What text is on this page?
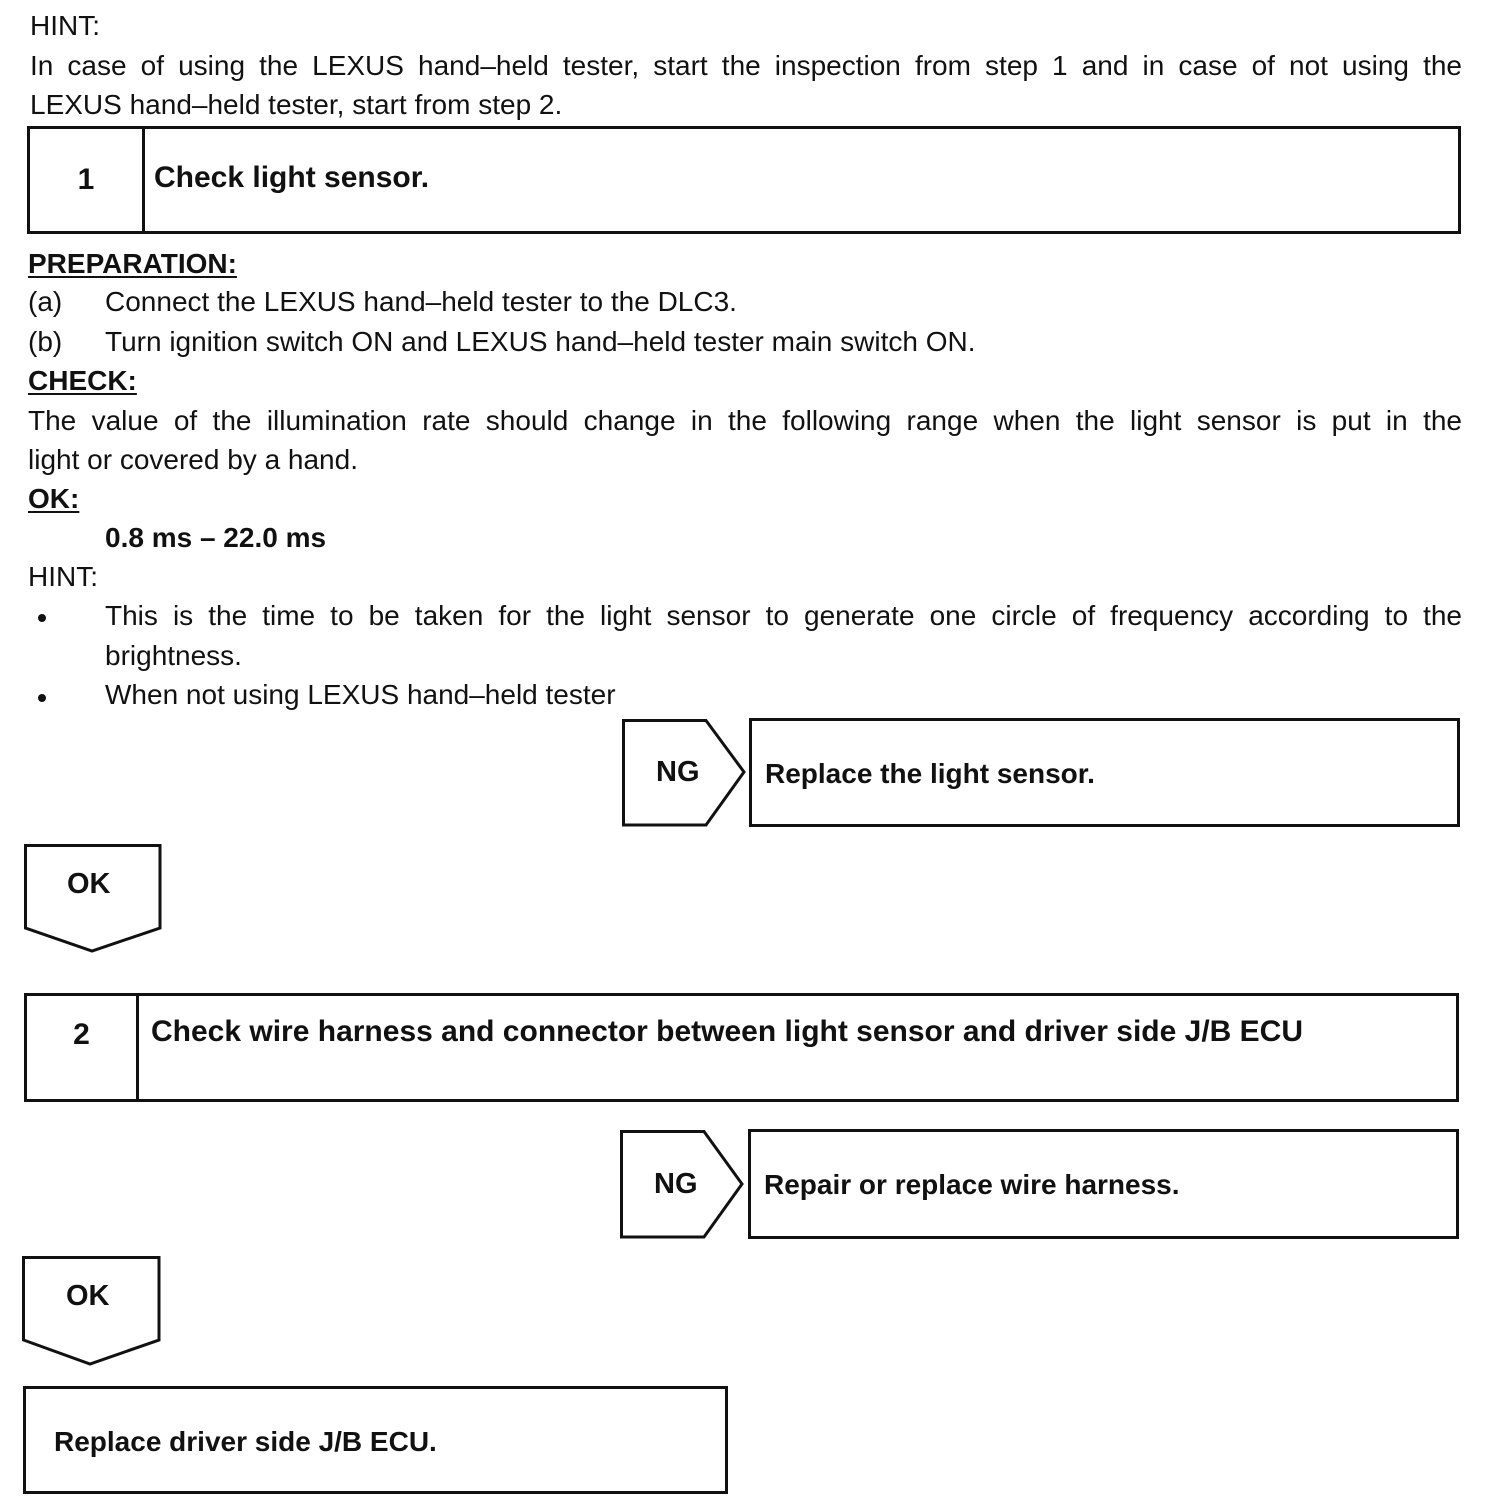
HINT:
In case of using the LEXUS hand–held tester, start the inspection from step 1 and in case of not using the
LEXUS hand–held tester, start from step 2.
1	Check light sensor.
PREPARATION:
(a) Connect the LEXUS hand–held tester to the DLC3.
(b) Turn ignition switch ON and LEXUS hand–held tester main switch ON.
CHECK:
The value of the illumination rate should change in the following range when the light sensor is put in the
light or covered by a hand.
OK:
0.8 ms – 22.0 ms
HINT:
This is the time to be taken for the light sensor to generate one circle of frequency according to the
brightness.
When not using LEXUS hand–held tester
NG Replace the light sensor.
OK
2	Check wire harness and connector between light sensor and driver side J/B ECU
NG Repair or replace wire harness.
OK
Replace driver side J/B ECU.
